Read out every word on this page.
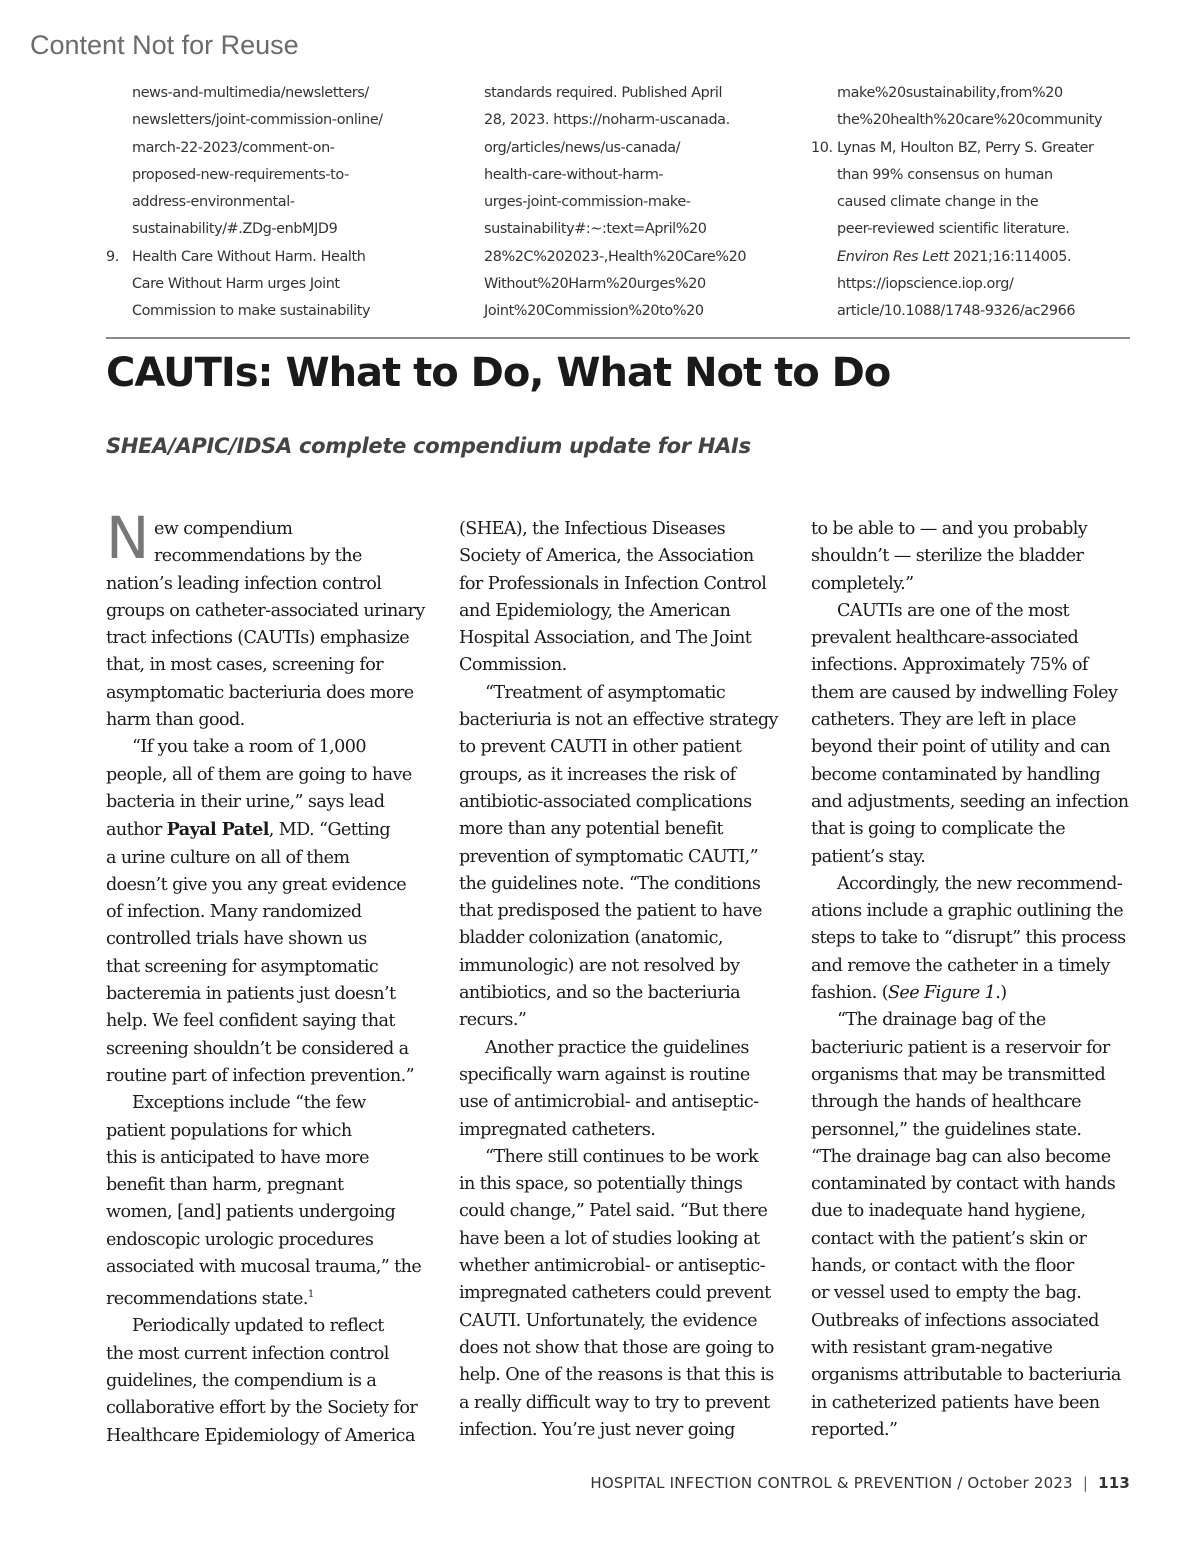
Content Not for Reuse
news-and-multimedia/newsletters/
newsletters/joint-commission-online/
march-22-2023/comment-on-
proposed-new-requirements-to-
address-environmental-
sustainability/#.ZDg-enbMJD9
9. Health Care Without Harm. Health
Care Without Harm urges Joint
Commission to make sustainability
standards required. Published April
28, 2023. https://noharm-uscanada.
org/articles/news/us-canada/
health-care-without-harm-
urges-joint-commission-make-
sustainability#:~:text=April%20
28%2C%202023-,Health%20Care%20
Without%20Harm%20urges%20
Joint%20Commission%20to%20
make%20sustainability,from%20
the%20health%20care%20community
10. Lynas M, Houlton BZ, Perry S. Greater
than 99% consensus on human
caused climate change in the
peer-reviewed scientific literature.
Environ Res Lett 2021;16:114005.
https://iopscience.iop.org/
article/10.1088/1748-9326/ac2966
CAUTIs: What to Do, What Not to Do
SHEA/APIC/IDSA complete compendium update for HAIs
N ew compendium
recommendations by the
nation’s leading infection control
groups on catheter-associated urinary
tract infections (CAUTIs) emphasize
that, in most cases, screening for
asymptomatic bacteriuria does more
harm than good.
“If you take a room of 1,000
people, all of them are going to have
bacteria in their urine,” says lead
author Payal Patel, MD. “Getting
a urine culture on all of them
doesn’t give you any great evidence
of infection. Many randomized
controlled trials have shown us
that screening for asymptomatic
bacteremia in patients just doesn’t
help. We feel confident saying that
screening shouldn’t be considered a
routine part of infection prevention.”
Exceptions include “the few
patient populations for which
this is anticipated to have more
benefit than harm, pregnant
women, [and] patients undergoing
endoscopic urologic procedures
associated with mucosal trauma,” the
recommendations state.$^1$
Periodically updated to reflect
the most current infection control
guidelines, the compendium is a
collaborative effort by the Society for
Healthcare Epidemiology of America
(SHEA), the Infectious Diseases
Society of America, the Association
for Professionals in Infection Control
and Epidemiology, the American
Hospital Association, and The Joint
Commission.
“Treatment of asymptomatic
bacteriuria is not an effective strategy
to prevent CAUTI in other patient
groups, as it increases the risk of
antibiotic-associated complications
more than any potential benefit
prevention of symptomatic CAUTI,”
the guidelines note. “The conditions
that predisposed the patient to have
bladder colonization (anatomic,
immunologic) are not resolved by
antibiotics, and so the bacteriuria
recurs.”
Another practice the guidelines
specifically warn against is routine
use of antimicrobial- and antiseptic-
impregnated catheters.
“There still continues to be work
in this space, so potentially things
could change,” Patel said. “But there
have been a lot of studies looking at
whether antimicrobial- or antiseptic-
impregnated catheters could prevent
CAUTI. Unfortunately, the evidence
does not show that those are going to
help. One of the reasons is that this is
a really difficult way to try to prevent
infection. You’re just never going
to be able to — and you probably
shouldn’t — sterilize the bladder
completely.”
CAUTIs are one of the most
prevalent healthcare-associated
infections. Approximately 75% of
them are caused by indwelling Foley
catheters. They are left in place
beyond their point of utility and can
become contaminated by handling
and adjustments, seeding an infection
that is going to complicate the
patient’s stay.
Accordingly, the new recommend-
ations include a graphic outlining the
steps to take to “disrupt” this process
and remove the catheter in a timely
fashion. (See Figure 1.)
“The drainage bag of the
bacteriuric patient is a reservoir for
organisms that may be transmitted
through the hands of healthcare
personnel,” the guidelines state.
“The drainage bag can also become
contaminated by contact with hands
due to inadequate hand hygiene,
contact with the patient’s skin or
hands, or contact with the floor
or vessel used to empty the bag.
Outbreaks of infections associated
with resistant gram-negative
organisms attributable to bacteriuria
in catheterized patients have been
reported.”
HOSPITAL INFECTION CONTROL & PREVENTION / October 2023 | 113
